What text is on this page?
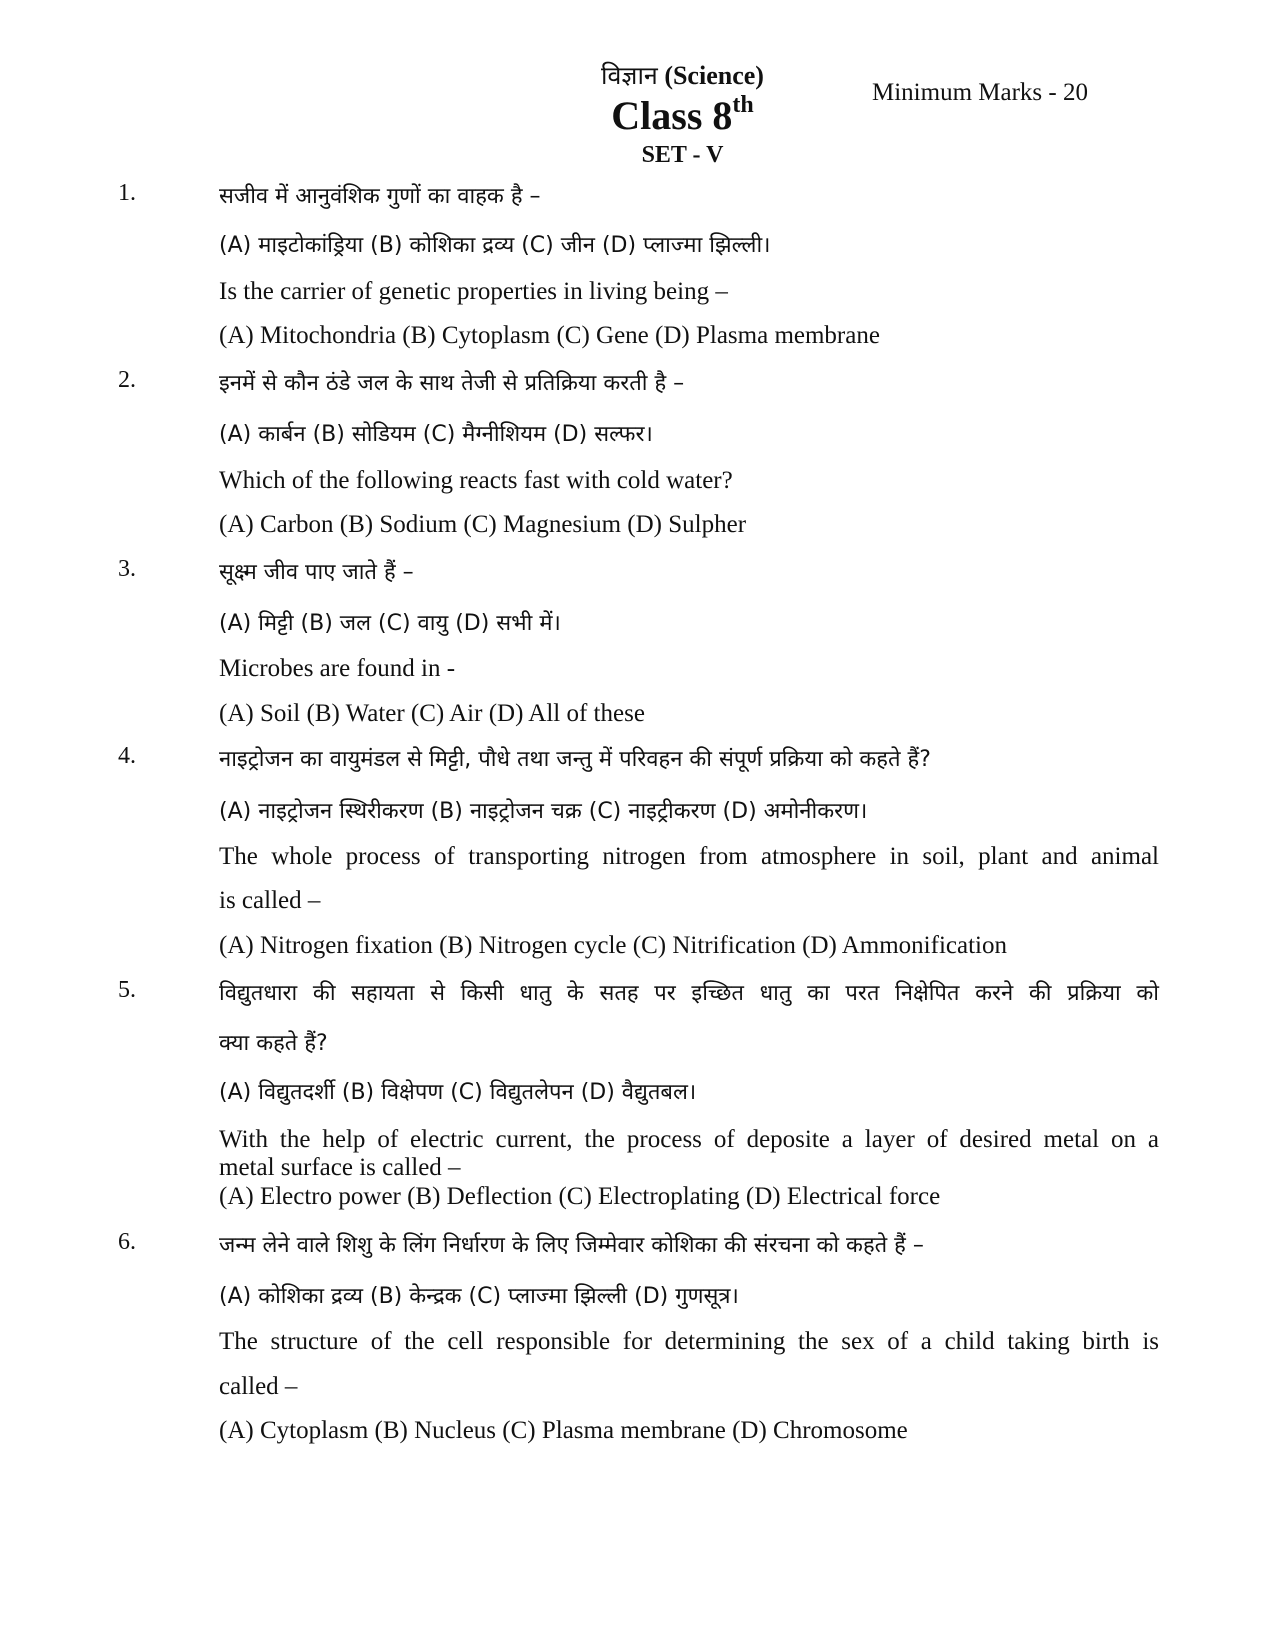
विज्ञान (Science)
Class 8th
SET - V
Minimum Marks - 20
1.	सजीव में आनुवंशिक गुणों का वाहक है –
(A) माइटोकांड्रिया (B) कोशिका द्रव्य (C) जीन (D) प्लाज्मा झिल्ली।
Is the carrier of genetic properties in living being –
(A) Mitochondria (B) Cytoplasm (C) Gene (D) Plasma membrane
2.	इनमें से कौन ठंडे जल के साथ तेजी से प्रतिक्रिया करती है –
(A) कार्बन (B) सोडियम (C) मैग्नीशियम (D) सल्फर।
Which of the following reacts fast with cold water?
(A) Carbon (B) Sodium (C) Magnesium (D) Sulpher
3.	सूक्ष्म जीव पाए जाते हैं –
(A) मिट्टी (B) जल (C) वायु (D) सभी में।
Microbes are found in -
(A) Soil (B) Water (C) Air (D) All of these
4.	नाइट्रोजन का वायुमंडल से मिट्टी, पौधे तथा जन्तु में परिवहन की संपूर्ण प्रक्रिया को कहते हैं?
(A) नाइट्रोजन स्थिरीकरण (B) नाइट्रोजन चक्र (C) नाइट्रीकरण (D) अमोनीकरण।
The whole process of transporting nitrogen from atmosphere in soil, plant and animal
is called –
(A) Nitrogen fixation (B) Nitrogen cycle (C) Nitrification (D) Ammonification
5.	विद्युतधारा की सहायता से किसी धातु के सतह पर इच्छित धातु का परत निक्षेपित करने की प्रक्रिया को
क्या कहते हैं?
(A) विद्युतदर्शी (B) विक्षेपण (C) विद्युतलेपन (D) वैद्युतबल।
With the help of electric current, the process of deposite a layer of desired metal on a
metal surface is called –
(A) Electro power (B) Deflection (C) Electroplating (D) Electrical force
6.	जन्म लेने वाले शिशु के लिंग निर्धारण के लिए जिम्मेवार कोशिका की संरचना को कहते हैं –
(A) कोशिका द्रव्य (B) केन्द्रक (C) प्लाज्मा झिल्ली (D) गुणसूत्र।
The structure of the cell responsible for determining the sex of a child taking birth is
called –
(A) Cytoplasm (B) Nucleus (C) Plasma membrane (D) Chromosome
